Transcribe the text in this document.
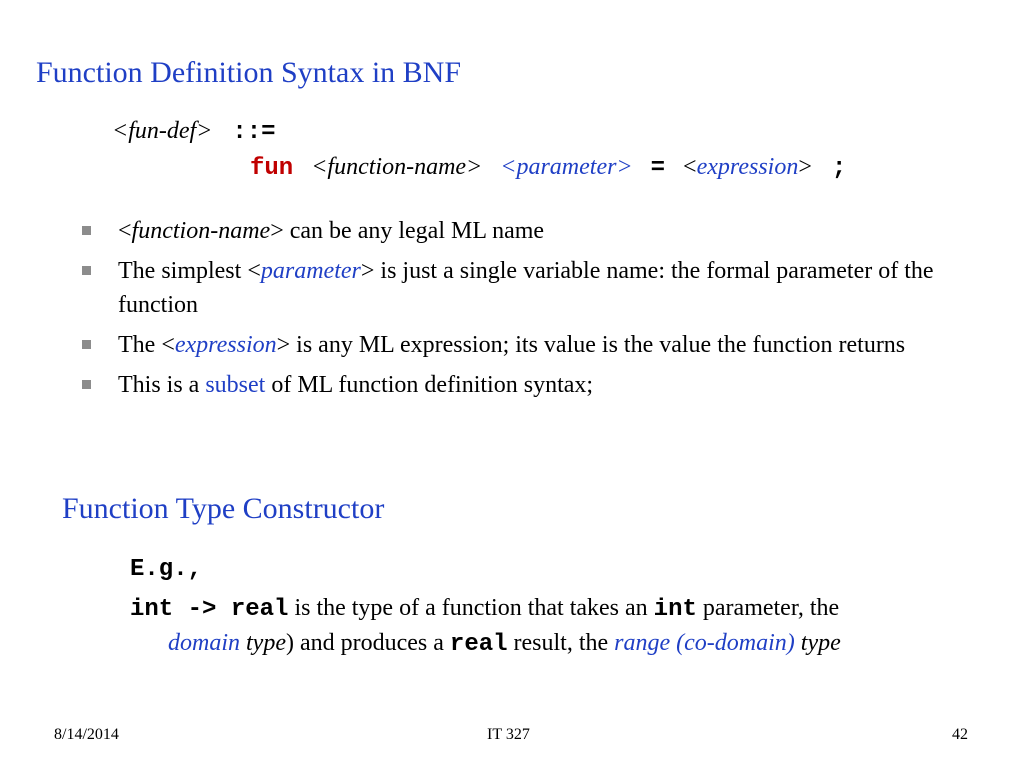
Function Definition Syntax in BNF
<fun-def> ::=
fun <function-name> <parameter> = <expression> ;
<function-name> can be any legal ML name
The simplest <parameter> is just a single variable name: the formal parameter of the function
The <expression> is any ML expression; its value is the value the function returns
This is a subset of ML function definition syntax;
Function Type Constructor
E.g.,
int -> real is the type of a function that takes an int parameter, the
domain type) and produces a real result, the range (co-domain) type
8/14/2014	IT 327	42
